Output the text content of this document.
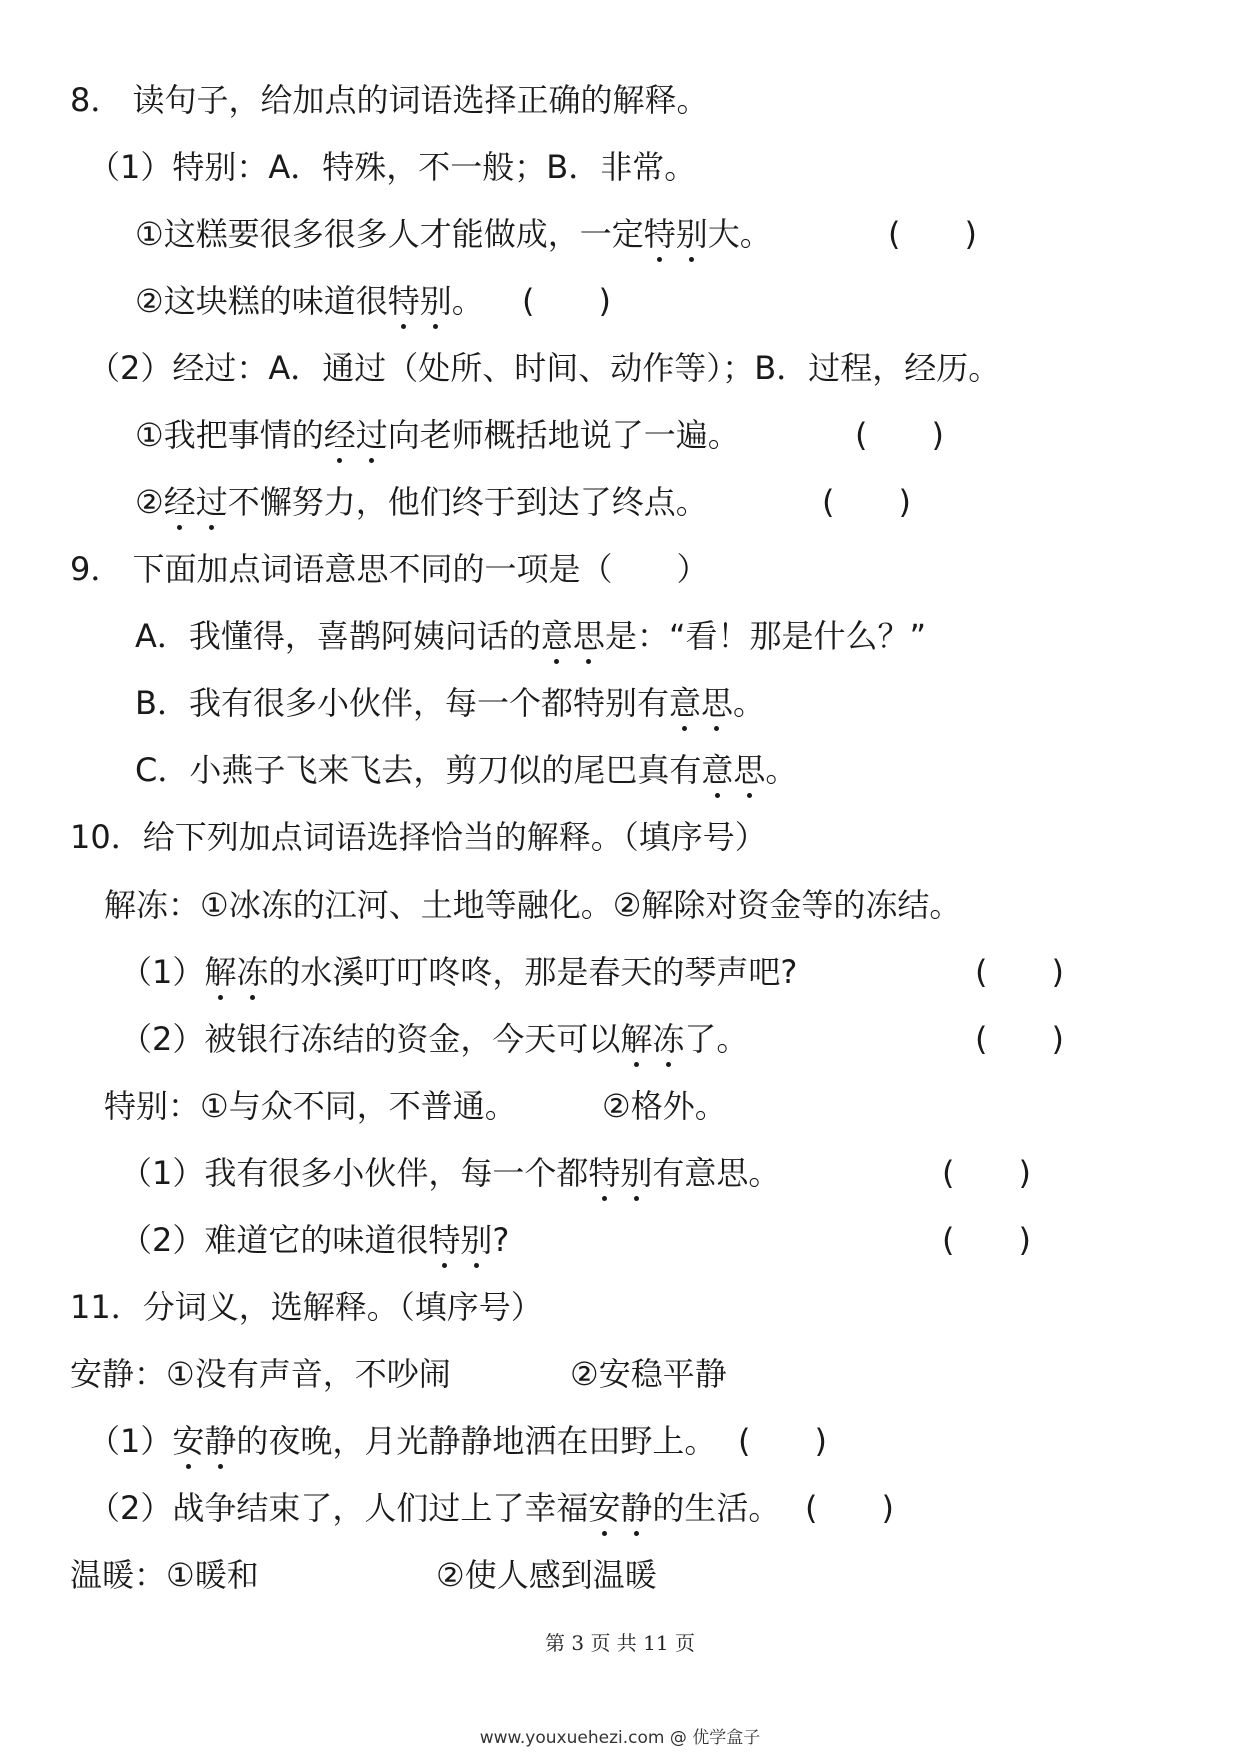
8． 读句子，给加点的词语选择正确的解释。
（1）特别：A．特殊，不一般；B．非常。
①这糕要很多很多人才能做成，一定特别大。	(　　)
②这块糕的味道很特别。 (　　)
（2）经过：A．通过（处所、时间、动作等）；B．过程，经历。
①我把事情的经过向老师概括地说了一遍。	(　　)
②经过不懈努力，他们终于到达了终点。	(　　)
9． 下面加点词语意思不同的一项是（　　）
A．我懂得，喜鹊阿姨问话的意思是：“看！那是什么？”
B．我有很多小伙伴，每一个都特别有意思。
C．小燕子飞来飞去，剪刀似的尾巴真有意思。
10．给下列加点词语选择恰当的解释。（填序号）
解冻：①冰冻的江河、土地等融化。②解除对资金等的冻结。
（1）解冻的水溪叮叮咚咚，那是春天的琴声吧?	(　　)
（2）被银行冻结的资金，今天可以解冻了。	(　　)
特别：①与众不同，不普通。	②格外。
（1）我有很多小伙伴，每一个都特别有意思。	(　　)
（2）难道它的味道很特别?	(　　)
11．分词义，选解释。（填序号）
安静：①没有声音，不吵闹	②安稳平静
（1）安静的夜晚，月光静静地洒在田野上。 (　　)
（2）战争结束了，人们过上了幸福安静的生活。 (　　)
温暖：①暖和	②使人感到温暖
第 3 页 共 11 页
www.youxuehezi.com @ 优学盒子
